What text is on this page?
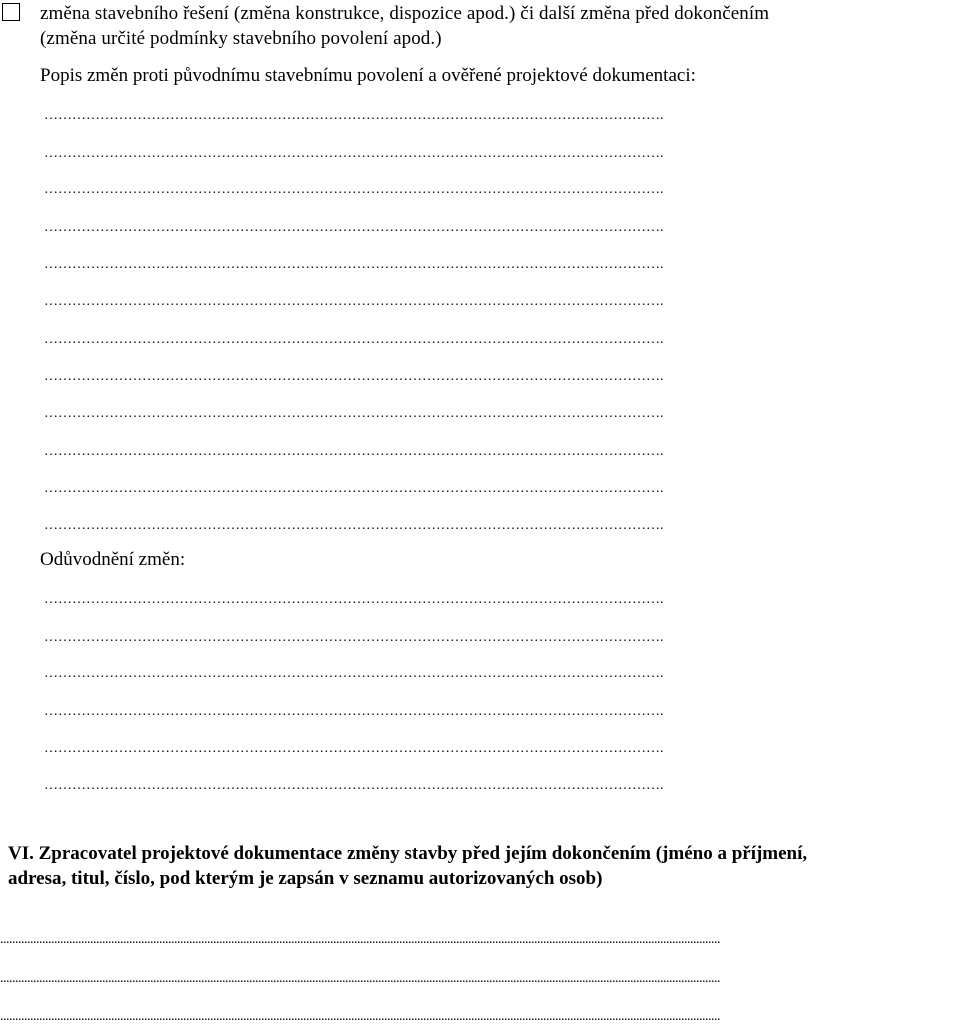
změna stavebního řešení (změna konstrukce, dispozice apod.) či další změna před dokončením
(změna určité podmínky stavebního povolení apod.)
Popis změn proti původnímu stavebnímu povolení a ověřené projektové dokumentaci:
…………………………………………………………………………………………………………………….
…………………………………………………………………………………………………………………….
…………………………………………………………………………………………………………………….
…………………………………………………………………………………………………………………….
…………………………………………………………………………………………………………………….
…………………………………………………………………………………………………………………….
…………………………………………………………………………………………………………………….
…………………………………………………………………………………………………………………….
…………………………………………………………………………………………………………………….
…………………………………………………………………………………………………………………….
…………………………………………………………………………………………………………………….
…………………………………………………………………………………………………………………….
Odůvodnění změn:
…………………………………………………………………………………………………………………….
…………………………………………………………………………………………………………………….
…………………………………………………………………………………………………………………….
…………………………………………………………………………………………………………………….
…………………………………………………………………………………………………………………….
…………………………………………………………………………………………………………………….
VI. Zpracovatel projektové dokumentace změny stavby před jejím dokončením (jméno a příjmení,
adresa, titul, číslo, pod kterým je zapsán v seznamu autorizovaných osob)
................................................................................................................................................................................................................................................
................................................................................................................................................................................................................................................
................................................................................................................................................................................................................................................
